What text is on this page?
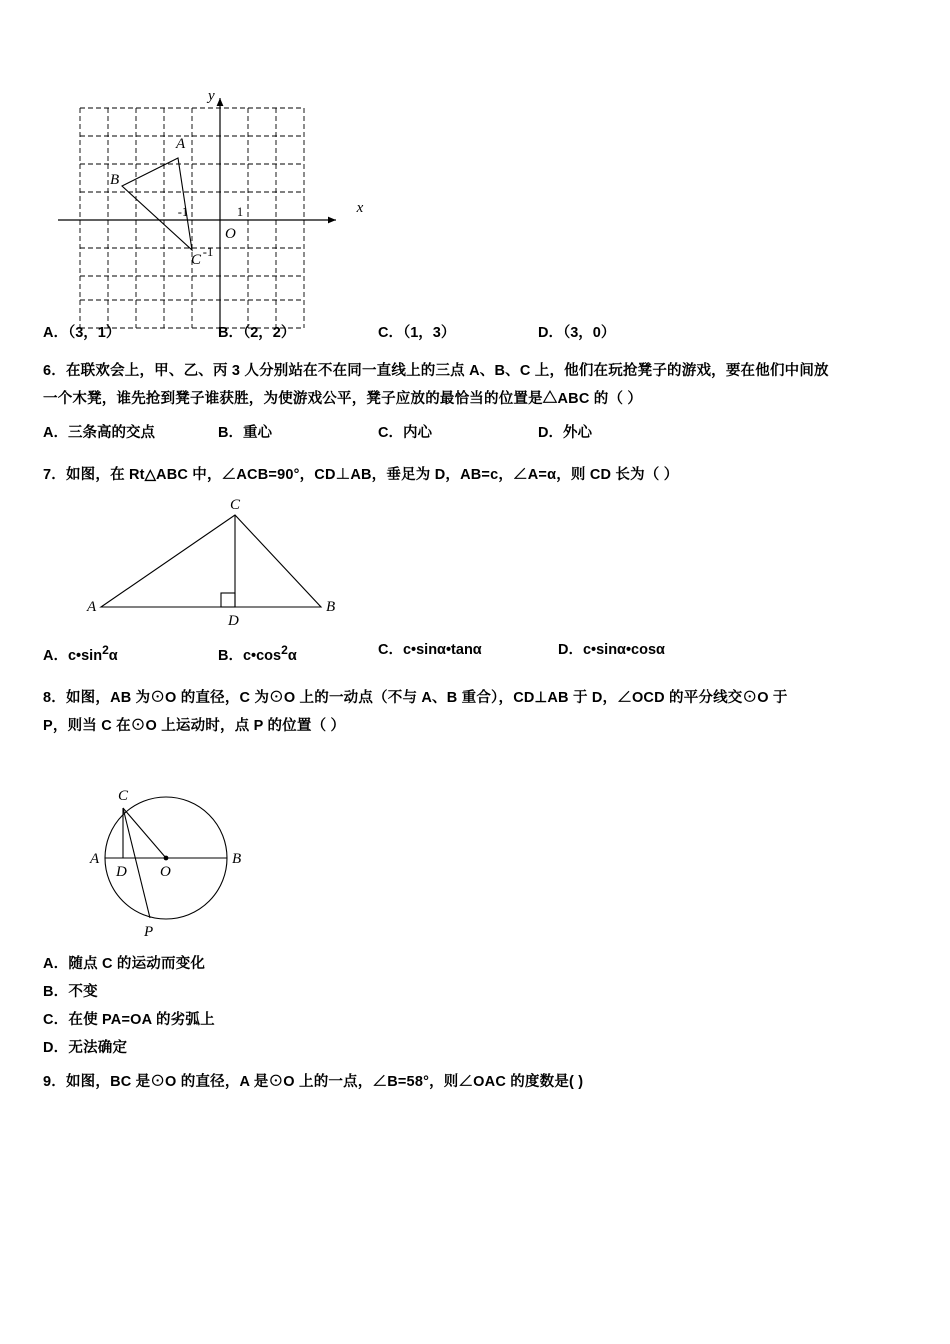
x
y
A
B
C
O
-1	1
-1
A．（3，1）	B．（2，2）	C．（1，3）	D．（3，0）
6．在联欢会上，甲、乙、丙 3 人分别站在不在同一直线上的三点 A、B、C 上，他们在玩抢凳子的游戏，要在他们中间放
一个木凳，谁先抢到凳子谁获胜，为使游戏公平，凳子应放的最恰当的位置是△ABC 的（ ）
A．三条高的交点	B．重心	C．内心	D．外心
7．如图，在 Rt△ABC 中，∠ACB=90°，CD⊥AB，垂足为 D，AB=c，∠A=α，则 CD 长为（ ）
A	B
C
D
A．$c•\sin^2\alpha$	B．$c•\cos^2\alpha$	C．c•sinα•tanα	D．c•sinα•cosα
8．如图，AB 为⊙O 的直径，C 为⊙O 上的一动点（不与 A、B 重合），CD⊥AB 于 D，∠OCD 的平分线交⊙O 于
P，则当 C 在⊙O 上运动时，点 P 的位置（ ）
A	B
C
D O
P
A．随点 C 的运动而变化
B．不变
C．在使 PA=OA 的劣弧上
D．无法确定
9．如图，BC 是⊙O 的直径，A 是⊙O 上的一点，∠B=58°，则∠OAC 的度数是( )
